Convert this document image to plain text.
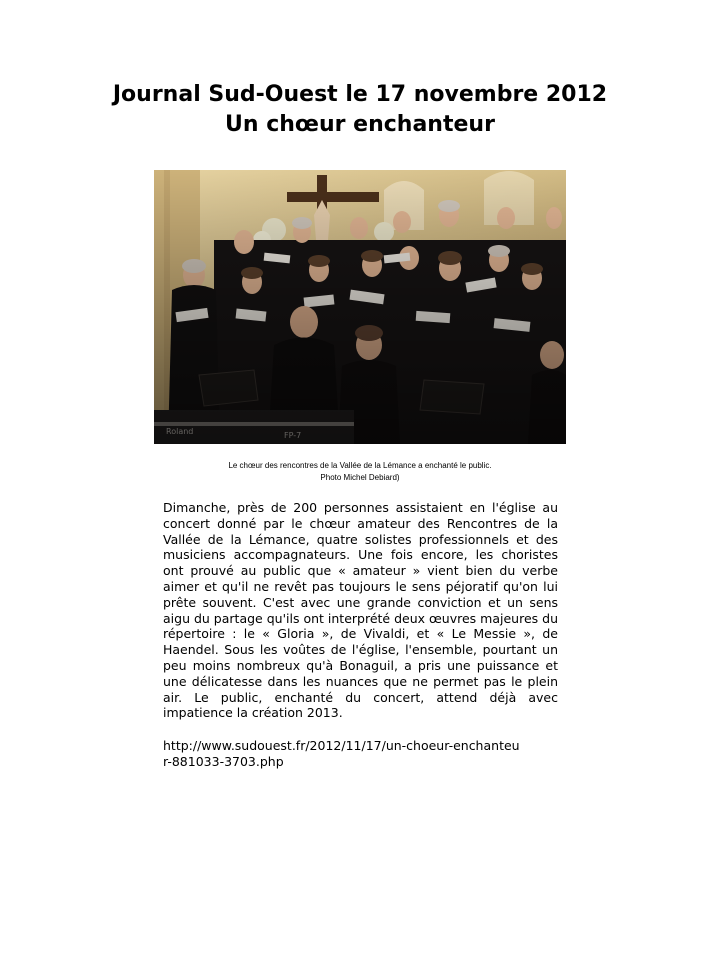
Journal Sud-Ouest le 17 novembre 2012
Un chœur enchanteur
Le chœur des rencontres de la Vallée de la Lémance a enchanté le public.
Photo Michel Debiard)

Dimanche, près de 200 personnes assistaient en l'église au concert donné par le chœur amateur des Rencontres de la Vallée de la Lémance, quatre solistes professionnels et des musiciens accompagnateurs. Une fois encore, les choristes ont prouvé au public que « amateur » vient bien du verbe aimer et qu'il ne revêt pas toujours le sens péjoratif qu'on lui prête souvent. C'est avec une grande conviction et un sens aigu du partage qu'ils ont interprété deux œuvres majeures du répertoire : le « Gloria », de Vivaldi, et « Le Messie », de Haendel. Sous les voûtes de l'église, l'ensemble, pourtant un peu moins nombreux qu'à Bonaguil, a pris une puissance et une délicatesse dans les nuances que ne permet pas le plein air. Le public, enchanté du concert, attend déjà avec impatience la création 2013.

http://www.sudouest.fr/2012/11/17/un-choeur-enchanteur-881033-3703.php
